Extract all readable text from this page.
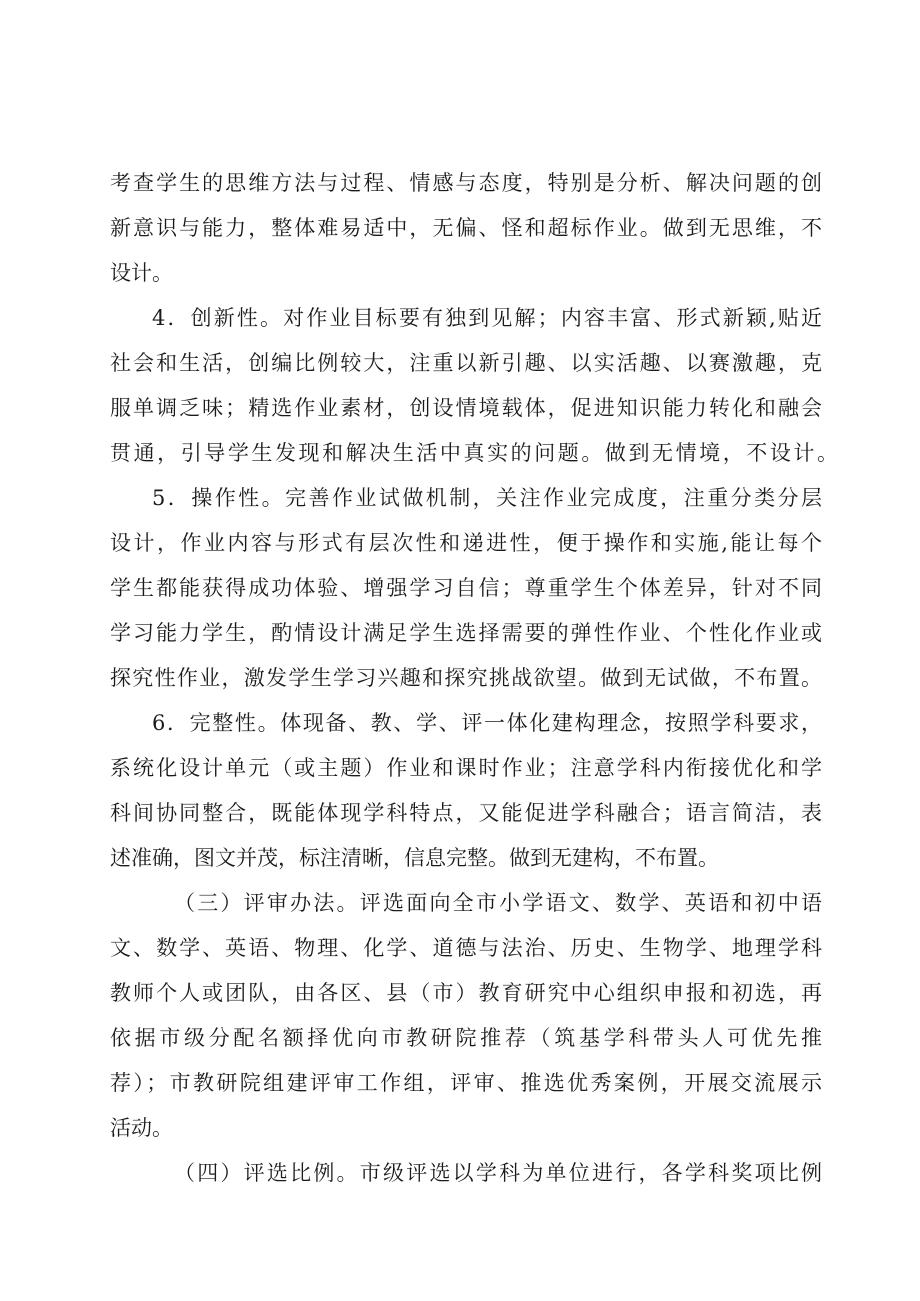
考查学生的思维方法与过程、情感与态度，特别是分析、解决问题的创
新意识与能力，整体难易适中，无偏、怪和超标作业。做到无思维，不
设计。
4．创新性。对作业目标要有独到见解；内容丰富、形式新颖,贴近
社会和生活，创编比例较大，注重以新引趣、以实活趣、以赛激趣，克
服单调乏味；精选作业素材，创设情境载体，促进知识能力转化和融会
贯通，引导学生发现和解决生活中真实的问题。做到无情境，不设计。
5．操作性。完善作业试做机制，关注作业完成度，注重分类分层
设计，作业内容与形式有层次性和递进性，便于操作和实施,能让每个
学生都能获得成功体验、增强学习自信；尊重学生个体差异，针对不同
学习能力学生，酌情设计满足学生选择需要的弹性作业、个性化作业或
探究性作业，激发学生学习兴趣和探究挑战欲望。做到无试做，不布置。
6．完整性。体现备、教、学、评一体化建构理念，按照学科要求，
系统化设计单元（或主题）作业和课时作业；注意学科内衔接优化和学
科间协同整合，既能体现学科特点，又能促进学科融合；语言简洁，表
述准确，图文并茂，标注清晰，信息完整。做到无建构，不布置。
（三）评审办法。评选面向全市小学语文、数学、英语和初中语
文、数学、英语、物理、化学、道德与法治、历史、生物学、地理学科
教师个人或团队，由各区、县（市）教育研究中心组织申报和初选，再
依据市级分配名额择优向市教研院推荐（筑基学科带头人可优先推
荐）；市教研院组建评审工作组，评审、推选优秀案例，开展交流展示
活动。
（四）评选比例。市级评选以学科为单位进行，各学科奖项比例
